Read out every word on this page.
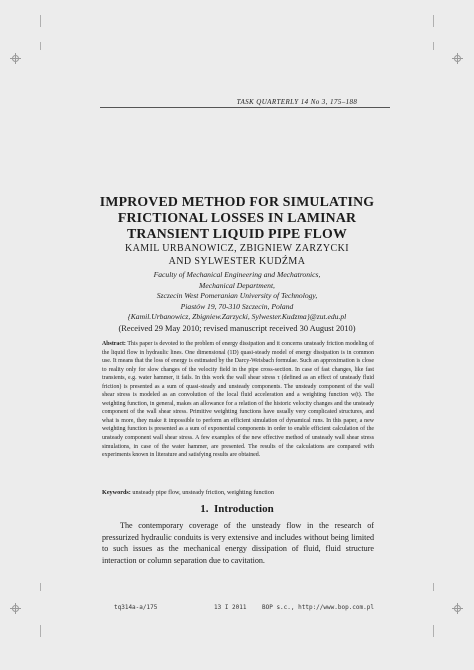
TASK QUARTERLY 14 No 3, 175–188
IMPROVED METHOD FOR SIMULATING
FRICTIONAL LOSSES IN LAMINAR
TRANSIENT LIQUID PIPE FLOW
KAMIL URBANOWICZ, ZBIGNIEW ZARZYCKI
AND SYLWESTER KUDŹMA
Faculty of Mechanical Engineering and Mechatronics,
Mechanical Department,
Szczecin West Pomeranian University of Technology,
Piastów 19, 70-310 Szczecin, Poland
{Kamil.Urbanowicz, Zbigniew.Zarzycki, Sylwester.Kudzma}@zut.edu.pl
(Received 29 May 2010; revised manuscript received 30 August 2010)
Abstract: This paper is devoted to the problem of energy dissipation and it concerns unsteady friction modeling of the liquid flow in hydraulic lines. One dimensional (1D) quasi-steady model of energy dissipation is in common use. It means that the loss of energy is estimated by the Darcy-Weisbach formulae. Such an approximation is close to reality only for slow changes of the velocity field in the pipe cross-section. In case of fast changes, like fast transients, e.g. water hammer, it fails. In this work the wall shear stress τ (defined as an effect of unsteady fluid friction) is presented as a sum of quasi-steady and unsteady components. The unsteady component of the wall shear stress is modeled as an convolution of the local fluid acceleration and a weighting function w(t). The weighting function, in general, makes an allowance for a relation of the historic velocity changes and the unsteady component of the wall shear stress. Primitive weighting functions have usually very complicated structures, and what is more, they make it impossible to perform an efficient simulation of dynamical runs. In this paper, a new weighting function is presented as a sum of exponential components in order to enable efficient calculation of the unsteady component wall shear stress. A few examples of the new effective method of unsteady wall shear stress simulations, in case of the water hammer, are presented. The results of the calculations are compared with experiments known in literature and satisfying results are obtained.
Keywords: unsteady pipe flow, unsteady friction, weighting function
1. Introduction
The contemporary coverage of the unsteady flow in the research of pressurized hydraulic conduits is very extensive and includes without being limited to such issues as the mechanical energy dissipation of fluid, fluid structure interaction or column separation due to cavitation.
tq314a-a/175	13 I 2011	BOP s.c., http://www.bop.com.pl
